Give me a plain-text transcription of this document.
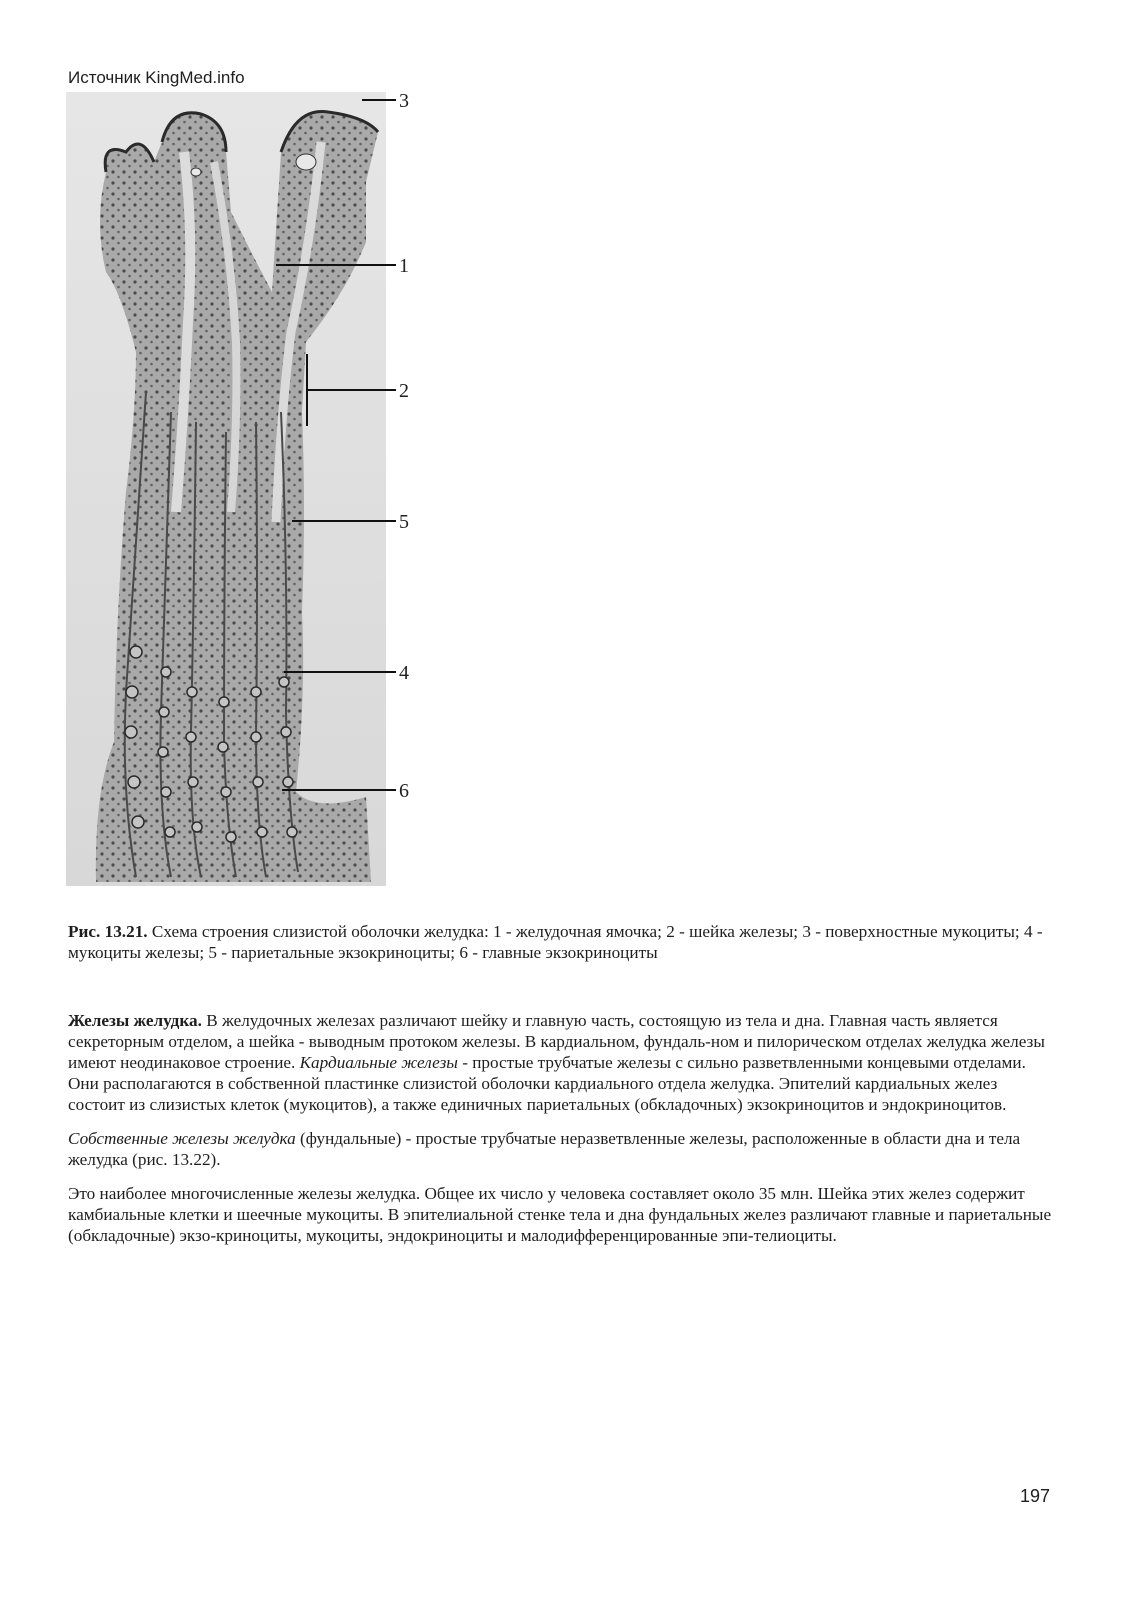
Источник KingMed.info
3
1
2
5
4
6

Рис. 13.21. Схема строения слизистой оболочки желудка: 1 - желудочная ямочка; 2 - шейка железы; 3 - поверхностные мукоциты; 4 - мукоциты железы; 5 - париетальные экзокриноциты; 6 - главные экзокриноциты

Железы желудка. В желудочных железах различают шейку и главную часть, состоящую из тела и дна. Главная часть является секреторным отделом, а шейка - выводным протоком железы. В кардиальном, фундаль-ном и пилорическом отделах желудка железы имеют неодинаковое строение. Кардиальные железы - простые трубчатые железы с сильно разветвленными концевыми отделами. Они располагаются в собственной пластинке слизистой оболочки кардиального отдела желудка. Эпителий кардиальных желез состоит из слизистых клеток (мукоцитов), а также единичных париетальных (обкладочных) экзокриноцитов и эндокриноцитов.

Собственные железы желудка (фундальные) - простые трубчатые неразветвленные железы, расположенные в области дна и тела желудка (рис. 13.22).

Это наиболее многочисленные железы желудка. Общее их число у человека составляет около 35 млн. Шейка этих желез содержит камбиальные клетки и шеечные мукоциты. В эпителиальной стенке тела и дна фундальных желез различают главные и париетальные (обкладочные) экзо-криноциты, мукоциты, эндокриноциты и малодифференцированные эпи-телиоциты.

197
